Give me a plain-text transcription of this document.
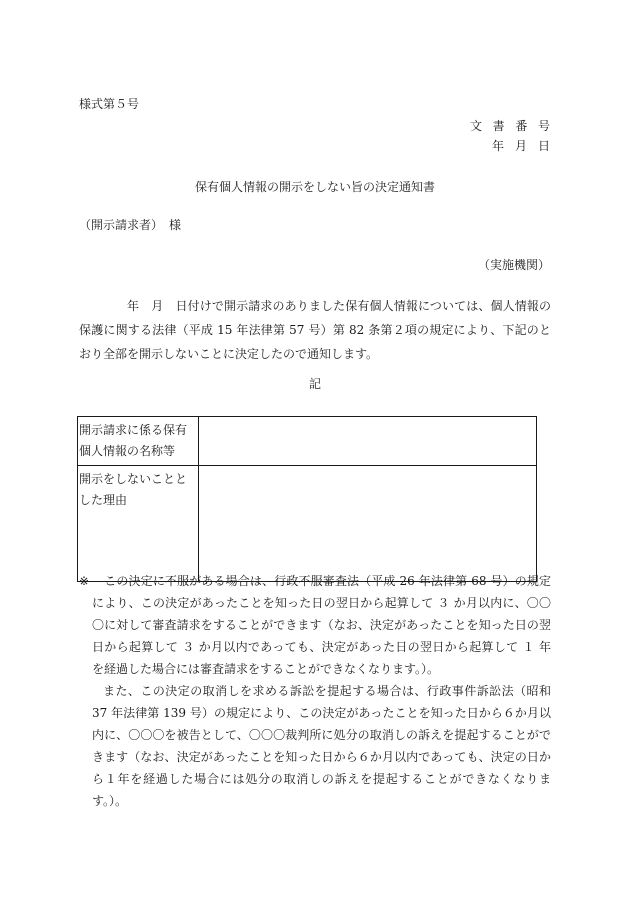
様式第５号
文 書 番 号
年 月 日
保有個人情報の開示をしない旨の決定通知書
（開示請求者）　様
（実施機関）
年　月　日付けで開示請求のありました保有個人情報については、個人情報の保護に関する法律（平成 15 年法律第 57 号）第 82 条第２項の規定により、下記のとおり全部を開示しないことに決定したので通知します。
記
開示請求に係る保有個人情報の名称等	
開示をしないこととした理由	
※　 この決定に不服がある場合は、行政不服審査法（平成 26 年法律第 68 号）の規定により、この決定があったことを知った日の翌日から起算して ３ か月以内に、〇〇〇に対して審査請求をすることができます（なお、決定があったことを知った日の翌日から起算して ３ か月以内であっても、決定があった日の翌日から起算して １ 年を経過した場合には審査請求をすることができなくなります。）。
また、この決定の取消しを求める訴訟を提起する場合は、行政事件訴訟法（昭和 37 年法律第 139 号）の規定により、この決定があったことを知った日から６か月以内に、〇〇〇を被告として、〇〇〇裁判所に処分の取消しの訴えを提起することができます（なお、決定があったことを知った日から６か月以内であっても、決定の日から１年を経過した場合には処分の取消しの訴えを提起することができなくなります。）。
